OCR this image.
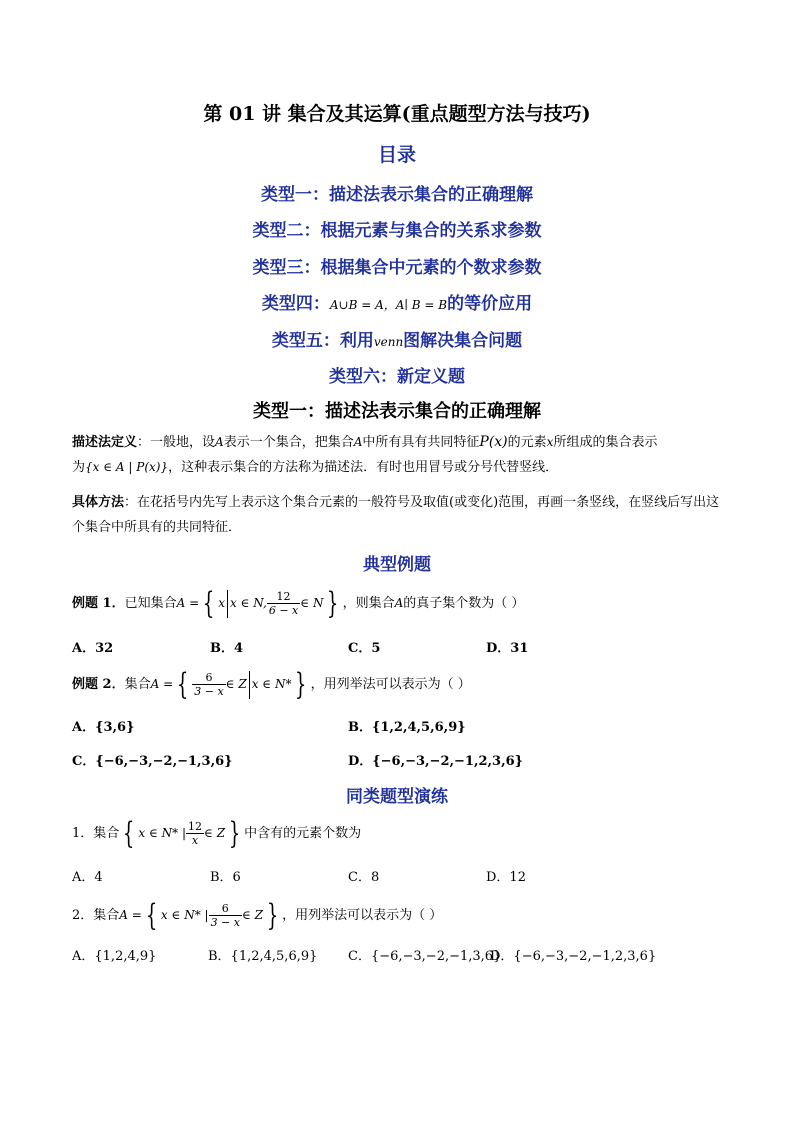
第 01 讲 集合及其运算(重点题型方法与技巧)
目录
类型一：描述法表示集合的正确理解
类型二：根据元素与集合的关系求参数
类型三：根据集合中元素的个数求参数
类型四：A∪B = A，A∣ B = B的等价应用
类型五：利用venn图解决集合问题
类型六：新定义题
类型一：描述法表示集合的正确理解
描述法定义：一般地，设A表示一个集合，把集合A中所有具有共同特征P(x)的元素x所组成的集合表示
为{x ∈ A | P(x)}，这种表示集合的方法称为描述法．有时也用冒号或分号代替竖线．
具体方法：在花括号内先写上表示这个集合元素的一般符号及取值(或变化)范围，再画一条竖线，在竖线后写出这个集合中所具有的共同特征．
典型例题
例题 1．已知集合A = { x x ∈ N, $\frac{12}{6 - x}$ ∈ N } ，则集合A的真子集个数为（ ）
A．32	B．4	C．5	D．31
例题 2．集合A = { $\frac{6}{3 - x}$ ∈ Z x ∈ N* } ，用列举法可以表示为（ ）
A．{3,6}	B．{1,2,4,5,6,9}
C．{−6,−3,−2,−1,3,6}	D．{−6,−3,−2,−1,2,3,6}
同类题型演练
1．集合 { x ∈ N* | $\frac{12}{x}$ ∈ Z } 中含有的元素个数为
A．4	B．6	C．8	D．12
2．集合A = { x ∈ N* | $\frac{6}{3 - x}$ ∈ Z } ，用列举法可以表示为（ ）
A．{1,2,4,9}	B．{1,2,4,5,6,9} C．{−6,−3,−2,−1,3,6}
D．{−6,−3,−2,−1,2,3,6}
